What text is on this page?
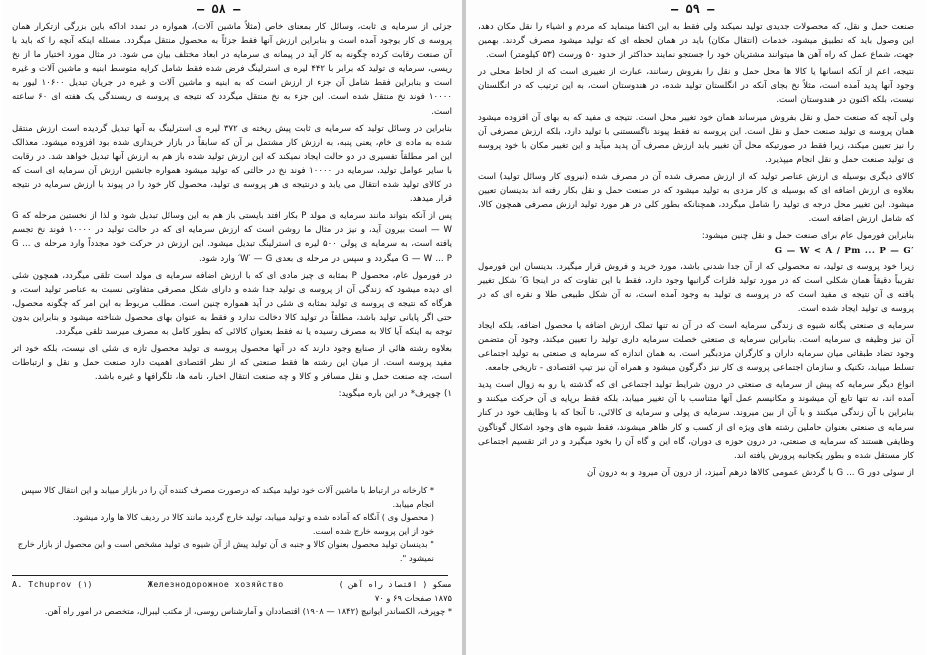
— ۵۸ —

جزئی از سرمایه ی ثابت، وسائل کار بمعنای خاص (مثلاً ماشین آلات)، همواره در تمدد اداکه باین بزرگی ازتکرار همان پروسه ی کار بوجود آمده است و بنابراین ارزش آنها فقط جزئاً به محصول منتقل میگردد. مسئله اینکه آنچه را که باید با آن صنعت رقابت کرده چگونه به کار آید در پیمانه ی سرمایه در ابعاد مختلف بیان می شود. در مثال مورد اختیار ما از نخ ریسی، سرمایه ی تولید که برابر با ۴۴۲ لیره ی استرلینگ فرض شده فقط شامل کرایه متوسط ابنیه و ماشین آلات و غیره است و بنابراین فقط شامل آن جزء از ارزش است که به ابنیه و ماشین آلات و غیره در جریان تبدیل ۱۰۶۰۰ لیور به ۱۰۰۰۰ فوند نخ منتقل شده است. این جزء به نخ منتقل میگردد که نتیجه ی پروسه ی ریسندگی یک هفته ای ۶۰ ساعته است.

بنابراین در وسائل تولید که سرمایه ی ثابت پیش ریخته ی ۳۷۲ لیره ی استرلینگ به آنها تبدیل گردیده است ارزش منتقل شده به ماده ی خام، یعنی پنبه، به ارزش کار مشتمل بر آن که سابقاً در بازار خریداری شده بود افزوده میشود. معذالک این امر مطلقاً تفسیری در دو حالت ایجاد نمیکند که این ارزش تولید شده باز هم به ارزش آنها تبدیل خواهد شد. در رقابت با سایر عوامل تولید، سرمایه در ۱۰۰۰۰ فوند نخ در حالتی که تولید میشود همواره جانشین ارزش آن سرمایه ای است که در کالای تولید شده انتقال می یابد و درنتیجه ی هر پروسه ی تولید، محصول کار خود را در پیوند با ارزش سرمایه در نتیجه قرار میدهد.

پس از آنکه بتواند مانند سرمایه ی مولد P بکار افتد بایستی باز هم به این وسائل تبدیل شود و لذا از نخستین مرحله که G — W است بیرون آید، و نیز در مثال ما روشن است که ارزش سرمایه ای که در حالت تولید در ۱۰۰۰۰ فوند نخ تجسم یافته است، به سرمایه ی پولی ۵۰۰ لیره ی استرلینگ تبدیل میشود. این ارزش در حرکت خود مجدداً وارد مرحله ی G ... G — W ... P میگردد و سپس در مرحله ی بعدی W′ — G′ وارد شود.

در فورمول عام، محصول P بمثابه ی چیز مادی ای که با ارزش اضافه سرمایه ی مولد است تلقی میگردد، همچون شئی ای دیده میشود که زندگی آن از پروسه ی تولید جدا شده و دارای شکل مصرفی متفاوتی نسبت به عناصر تولید است، و هرگاه که نتیجه ی پروسه ی تولید بمثابه ی شئی در آید همواره چنین است. مطلب مربوط به این امر که چگونه محصول، حتی اگر پایانی تولید باشد، مطلقاً در تولید کالا دخالت ندارد و فقط به عنوان بهای محصول شناخته میشود و بنابراین بدون توجه به اینکه آیا کالا به مصرف رسیده یا نه فقط بعنوان کالائی که بطور کامل به مصرف میرسد تلقی میگردد.

بعلاوه رشته هائی از صنایع وجود دارند که در آنها محصول پروسه ی تولید محصول تازه ی شئی ای نیست، بلکه خود اثر مفید پروسه است. از میان این رشته ها فقط صنعتی که از نظر اقتصادی اهمیت دارد صنعت حمل و نقل و ارتباطات است، چه صنعت حمل و نقل مسافر و کالا و چه صنعت انتقال اخبار، نامه ها، تلگرافها و غیره باشد.

۱) چوپرف* در این باره میگوید:

* کارخانه در ارتباط با ماشین آلات خود تولید میکند که درصورت مصرف کننده آن را در بازار مییابد و این انتقال کالا سپس انجام مییابد.

( محصول وی ) آنگاه که آماده شده و تولید مییابد، تولید خارج گردید مانند کالا در ردیف کالا ها وارد میشود.

خود از این پروسه خارج شده است.

" بدینسان تولید محصول بعنوان کالا و جنبه ی آن تولید پیش از آن شیوه ی تولید مشخص است و این محصول از بازار خارج نمیشود ".

A. Tchuprov (۱)	Железнодорожное хозяйство	( اقتصاد راه آهن ) مسکو
۱۸۷۵ صفحات ۶۹ و ۷۰
* چوپرف، الکساندر ایوانیچ (۱۸۴۲ — ۱۹۰۸) اقتصاددان و آمارشناس روسی، از مکتب لیبرال، متخصص در امور راه آهن.
— ۵۹ —

صنعت حمل و نقل، که محصولات جدیدی تولید نمیکند ولی فقط به این اکتفا مینماید که مردم و اشیاء را نقل مکان دهد، این وصول باید که تطبیق میشود، خدمات (انتقال مکان) باید در همان لحظه ای که تولید میشود مصرف گردند. بهمین جهت، شماع عمل که راه آهن ها میتوانند مشتریان خود را جستجو نمایند حداکثر از حدود ۵۰ ورست (۵۳ کیلومتر) است.

نتیجه، اعم از آنکه انسانها یا کالا ها محل حمل و نقل را بفروش رسانند، عبارت از تغییری است که از لحاظ محلی در وجود آنها پدید آمده است، مثلاً نخ بجای آنکه در انگلستان تولید شده، در هندوستان است، به این ترتیب که در انگلستان نیست، بلکه اکنون در هندوستان است.

ولی آنچه که صنعت حمل و نقل بفروش میرساند همان خود تغییر محل است. نتیجه ی مفید که به بهای آن افزوده میشود همان پروسه ی تولید صنعت حمل و نقل است. این پروسه نه فقط پیوند ناگسستنی با تولید دارد، بلکه ارزش مصرفی آن را نیز تعیین میکند، زیرا فقط در صورتیکه محل آن تغییر یابد ارزش مصرف آن پدید میآید و این تغییر مکان با خود پروسه ی تولید صنعت حمل و نقل انجام میپذیرد.

کالای دیگری بوسیله ی ارزش عناصر تولید که از ارزش مصرف شده آن در مصرف شده (نیروی کار وسائل تولید) است بعلاوه ی ارزش اضافه ای که بوسیله ی کار مزدی به تولید میشود که در صنعت حمل و نقل بکار رفته اند بدینسان تعیین میشود. این تغییر محل درجه ی تولید را شامل میگردد، همچنانکه بطور کلی در هر مورد تولید ارزش مصرفی همچون کالا، که شامل ارزش اضافه است.

بنابراین فورمول عام برای صنعت حمل و نقل چنین میشود:

G — W < A / Pm ... P — G′

زیرا خود پروسه ی تولید، نه محصولی که از آن جدا شدنی باشد، مورد خرید و فروش قرار میگیرد. بدینسان این فورمول تقریباً دقیقاً همان شکلی است که در مورد تولید فلزات گرانبها وجود دارد، فقط با این تفاوت که در اینجا G′ شکل تغییر یافته ی آن نتیجه ی مفید است که در پروسه ی تولید به وجود آمده است، نه آن شکل طبیعی طلا و نقره ای که در پروسه ی تولید ایجاد شده است.

سرمایه ی صنعتی یگانه شیوه ی زندگی سرمایه است که در آن نه تنها تملک ارزش اضافه یا محصول اضافه، بلکه ایجاد آن نیز وظیفه ی سرمایه است. بنابراین سرمایه ی صنعتی خصلت سرمایه داری تولید را تعیین میکند، وجود آن متضمن وجود تضاد طبقاتی میان سرمایه داران و کارگران مزدبگیر است. به همان اندازه که سرمایه ی صنعتی به تولید اجتماعی تسلط مییابد، تکنیک و سازمان اجتماعی پروسه ی کار نیز دگرگون میشود و همراه آن نیز تیپ اقتصادی - تاریخی جامعه.

انواع دیگر سرمایه که پیش از سرمایه ی صنعتی در درون شرایط تولید اجتماعی ای که گذشته یا رو به زوال است پدید آمده اند، نه تنها تابع آن میشوند و مکانیسم عمل آنها متناسب با آن تغییر مییابد، بلکه فقط برپایه ی آن حرکت میکنند و بنابراین با آن زندگی میکنند و با آن از بین میروند. سرمایه ی پولی و سرمایه ی کالائی، تا آنجا که با وظایف خود در کنار سرمایه ی صنعتی بعنوان حاملین رشته های ویژه ای از کسب و کار ظاهر میشوند، فقط شیوه های وجود اشکال گوناگون وظایفی هستند که سرمایه ی صنعتی، در درون حوزه ی دوران، گاه این و گاه آن را بخود میگیرد و در اثر تقسیم اجتماعی کار مستقل شده و بطور یکجانبه پرورش یافته اند.

از سوئی دور G ... G با گردش عمومی کالاها درهم آمیزد، از درون آن میرود و به درون آن
